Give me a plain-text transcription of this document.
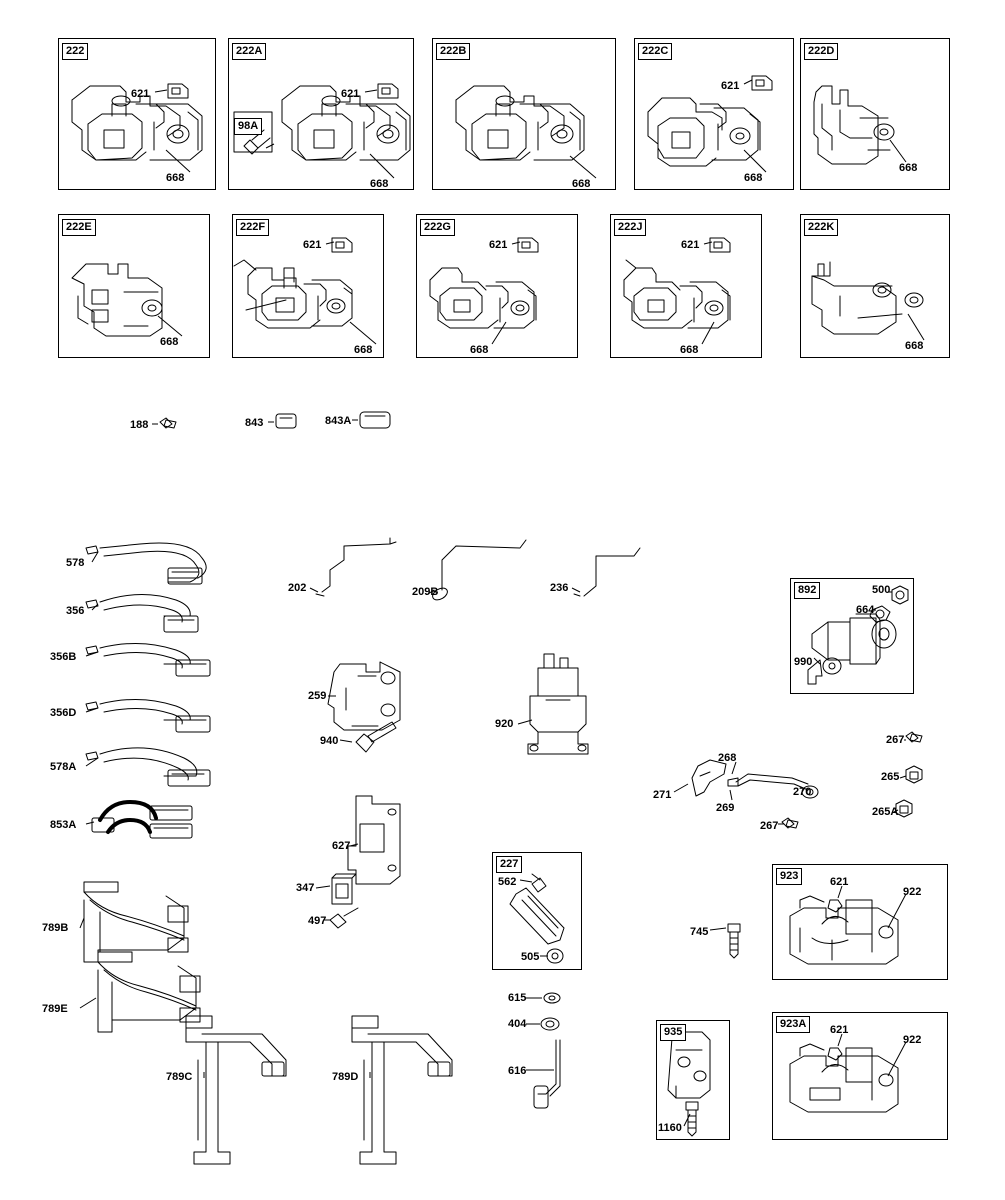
222
621
668
222A
621
668
98A
222B
668
222C
621
668
222D
668
222E
668
222F
621
668
222G
621
668
222J
621
668
222K
668
892	500
664
990
227
562
505
923	621
922
935
1160
923A	621
922
188	843	843A
578
356
356B
356D
578A
853A
789B
789E
789C	789D
202	209B	236
259
940
920
627
347
497
615
404
616
268
271
269
270
267
265
265A
267
745
